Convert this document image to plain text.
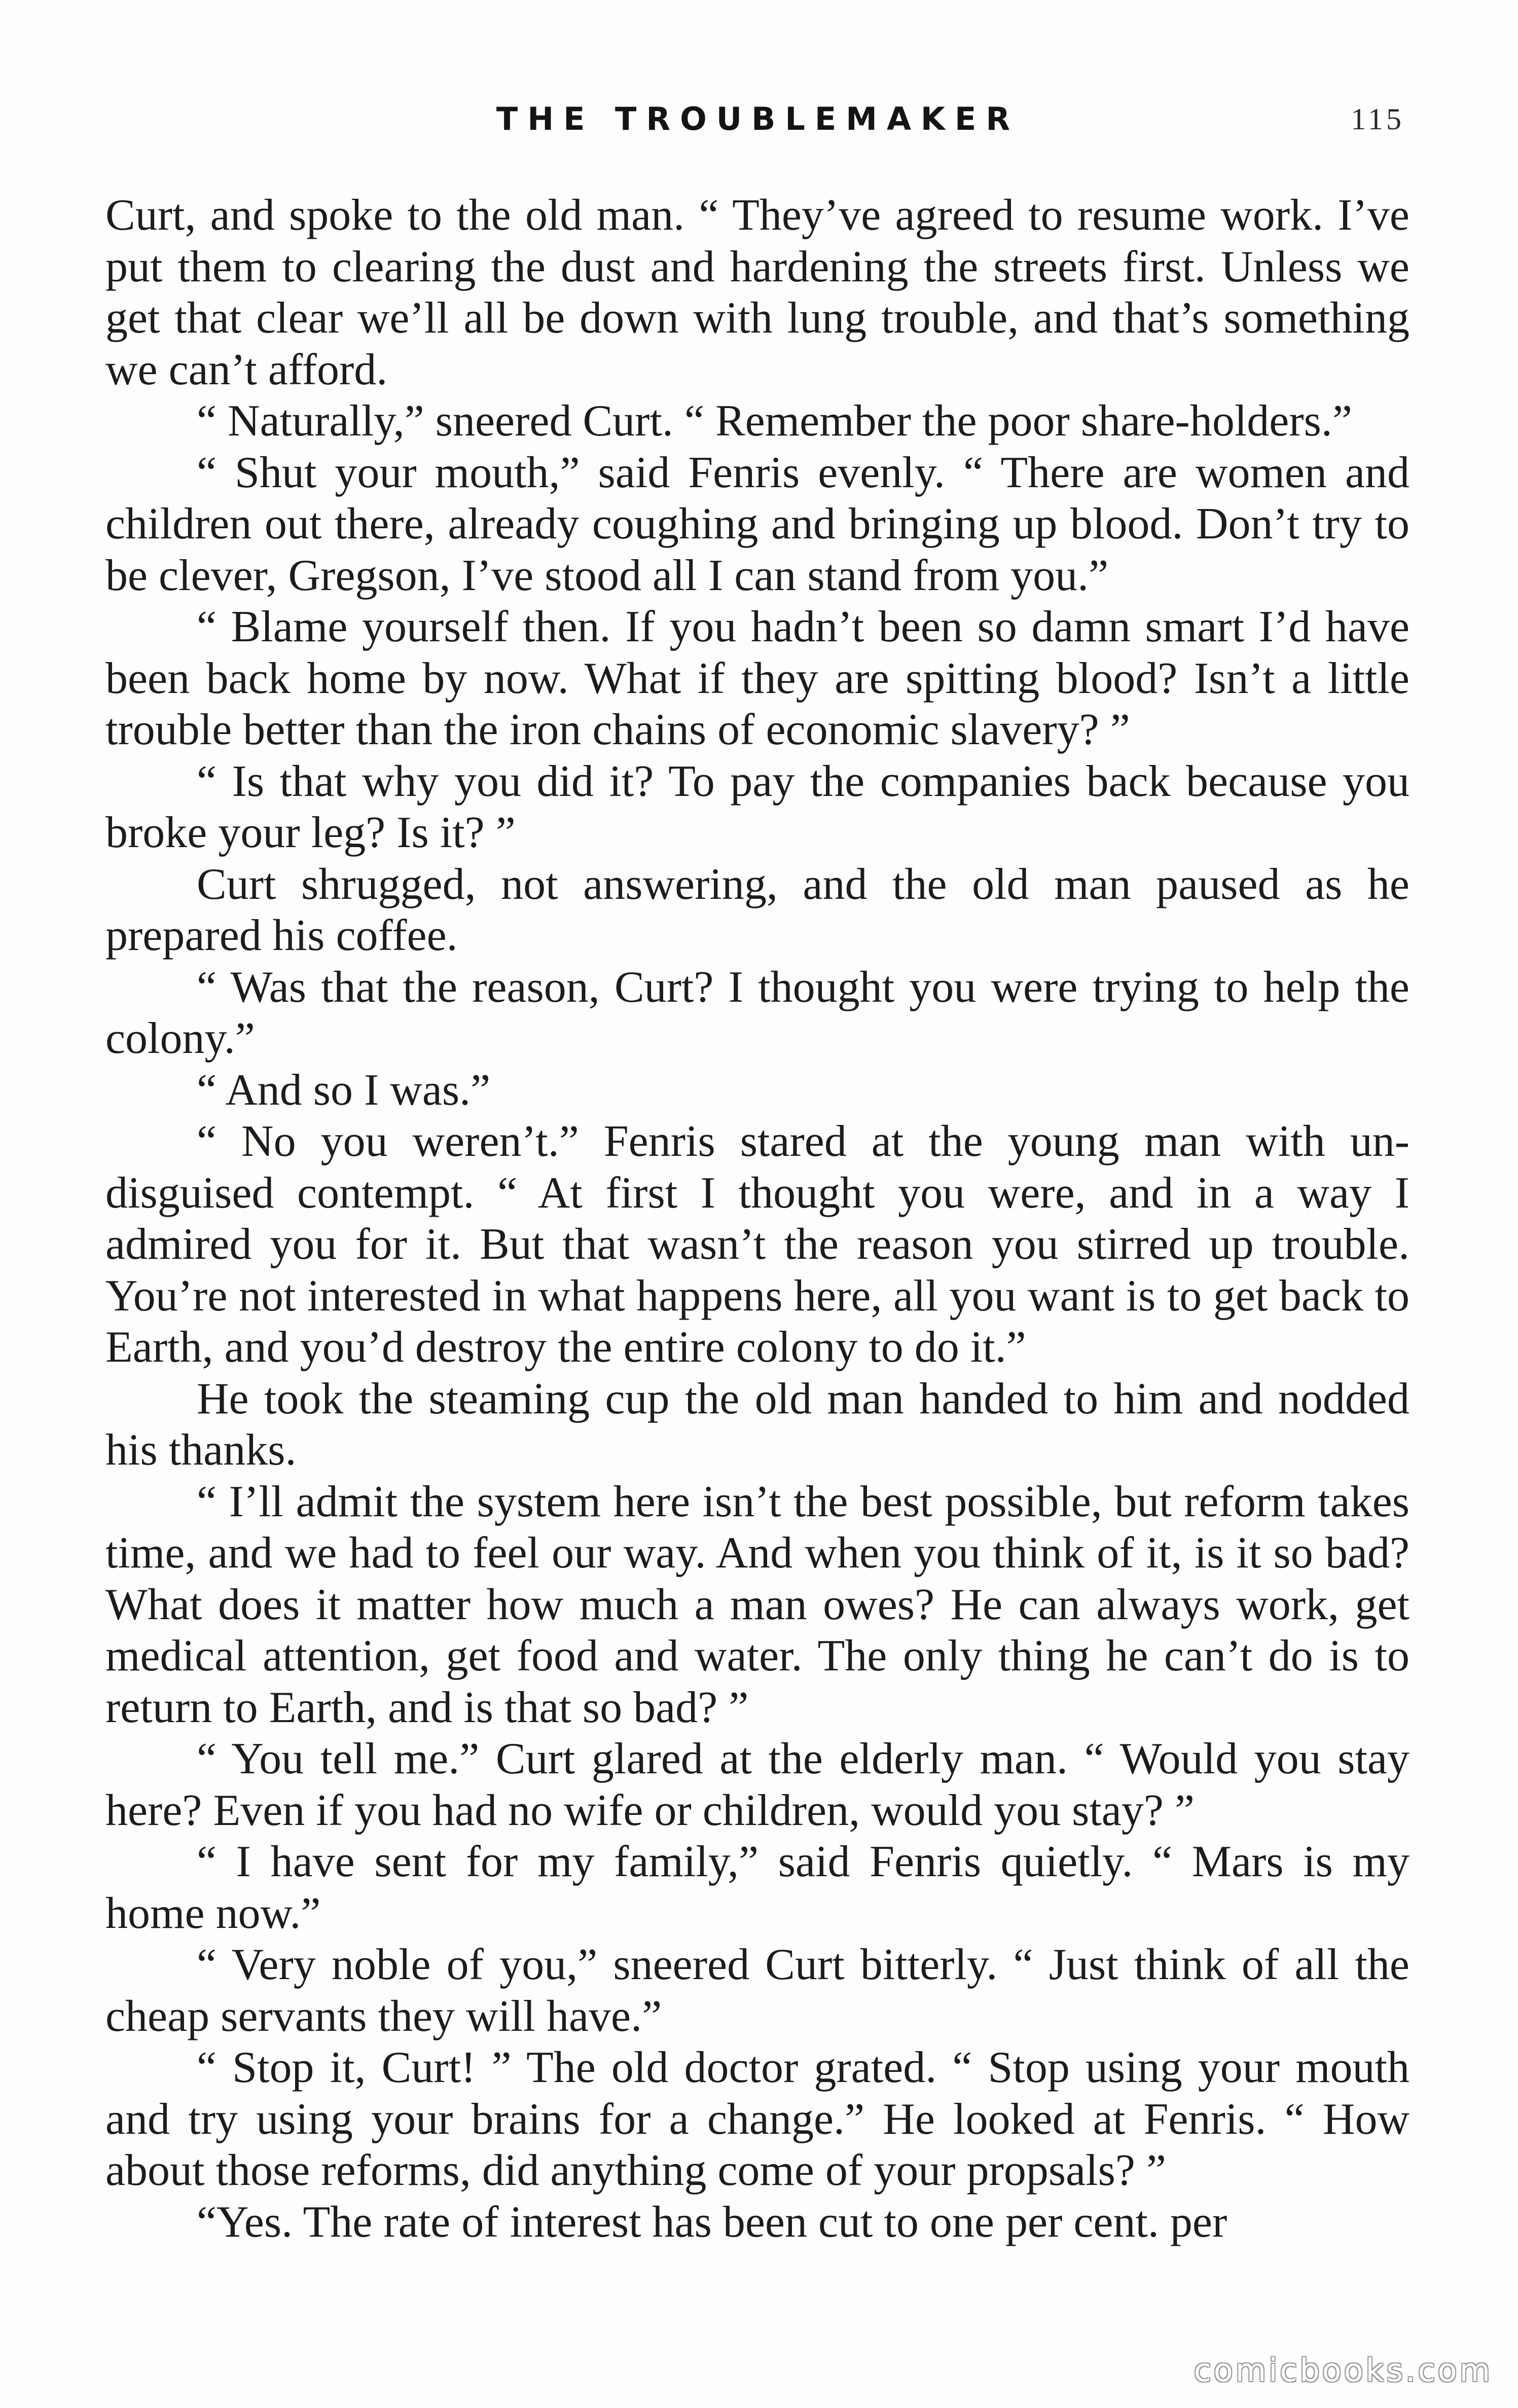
THE TROUBLEMAKER	115

Curt, and spoke to the old man. “ They’ve agreed to resume work. I’ve put them to clearing the dust and hardening the streets first. Unless we get that clear we’ll all be down with lung trouble, and that’s something we can’t afford.

“ Naturally,” sneered Curt. “ Remember the poor share-holders.”

“ Shut your mouth,” said Fenris evenly. “ There are women and children out there, already coughing and bringing up blood. Don’t try to be clever, Gregson, I’ve stood all I can stand from you.”

“ Blame yourself then. If you hadn’t been so damn smart I’d have been back home by now. What if they are spitting blood? Isn’t a little trouble better than the iron chains of economic slavery? ”

“ Is that why you did it? To pay the companies back because you broke your leg? Is it? ”

Curt shrugged, not answering, and the old man paused as he prepared his coffee.

“ Was that the reason, Curt? I thought you were trying to help the colony.”

“ And so I was.”

“ No you weren’t.” Fenris stared at the young man with un-disguised contempt. “ At first I thought you were, and in a way I admired you for it. But that wasn’t the reason you stirred up trouble. You’re not interested in what happens here, all you want is to get back to Earth, and you’d destroy the entire colony to do it.”

He took the steaming cup the old man handed to him and nodded his thanks.

“ I’ll admit the system here isn’t the best possible, but reform takes time, and we had to feel our way. And when you think of it, is it so bad? What does it matter how much a man owes? He can always work, get medical attention, get food and water. The only thing he can’t do is to return to Earth, and is that so bad? ”

“ You tell me.” Curt glared at the elderly man. “ Would you stay here? Even if you had no wife or children, would you stay? ”

“ I have sent for my family,” said Fenris quietly. “ Mars is my home now.”

“ Very noble of you,” sneered Curt bitterly. “ Just think of all the cheap servants they will have.”

“ Stop it, Curt! ” The old doctor grated. “ Stop using your mouth and try using your brains for a change.” He looked at Fenris. “ How about those reforms, did anything come of your propsals? ”

“Yes. The rate of interest has been cut to one per cent. per

comicbooks.com
